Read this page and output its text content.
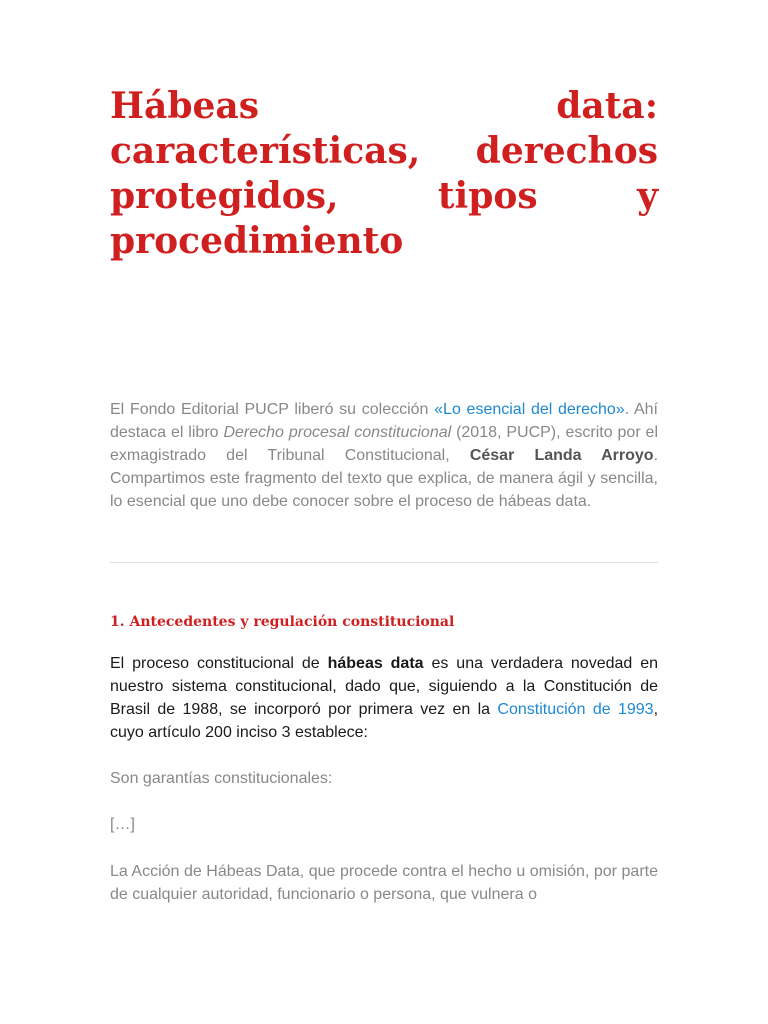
Hábeas data: características, derechos protegidos, tipos y procedimiento

El Fondo Editorial PUCP liberó su colección «Lo esencial del derecho». Ahí destaca el libro Derecho procesal constitucional (2018, PUCP), escrito por el exmagistrado del Tribunal Constitucional, César Landa Arroyo. Compartimos este fragmento del texto que explica, de manera ágil y sencilla, lo esencial que uno debe conocer sobre el proceso de hábeas data.

1. Antecedentes y regulación constitucional

El proceso constitucional de hábeas data es una verdadera novedad en nuestro sistema constitucional, dado que, siguiendo a la Constitución de Brasil de 1988, se incorporó por primera vez en la Constitución de 1993, cuyo artículo 200 inciso 3 establece:

Son garantías constitucionales:

[…]

La Acción de Hábeas Data, que procede contra el hecho u omisión, por parte de cualquier autoridad, funcionario o persona, que vulnera o
